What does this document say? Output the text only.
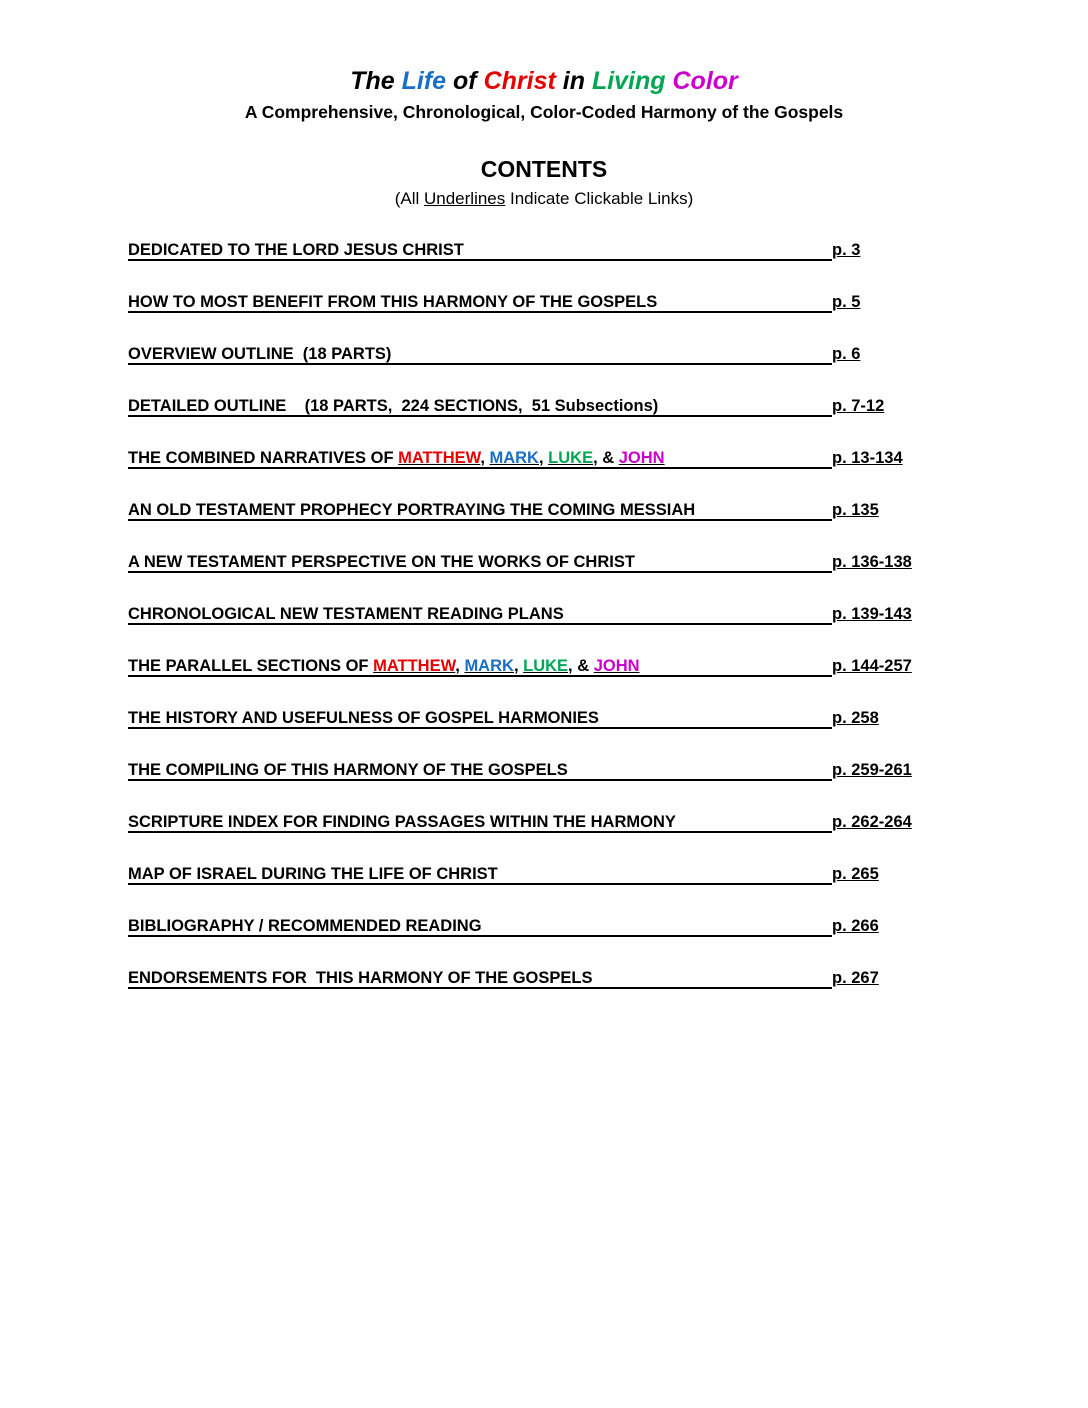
The Life of Christ in Living Color
A Comprehensive, Chronological, Color-Coded Harmony of the Gospels
CONTENTS
(All Underlines Indicate Clickable Links)
DEDICATED TO THE LORD JESUS CHRIST	p. 3
HOW TO MOST BENEFIT FROM THIS HARMONY OF THE GOSPELS	p. 5
OVERVIEW OUTLINE  (18 PARTS)	p. 6
DETAILED OUTLINE    (18 PARTS,  224 SECTIONS,  51 Subsections)	p. 7-12
THE COMBINED NARRATIVES OF MATTHEW, MARK, LUKE, & JOHN	p. 13-134
AN OLD TESTAMENT PROPHECY PORTRAYING THE COMING MESSIAH	p. 135
A NEW TESTAMENT PERSPECTIVE ON THE WORKS OF CHRIST	p. 136-138
CHRONOLOGICAL NEW TESTAMENT READING PLANS	p. 139-143
THE PARALLEL SECTIONS OF MATTHEW, MARK, LUKE, & JOHN	p. 144-257
THE HISTORY AND USEFULNESS OF GOSPEL HARMONIES	p. 258
THE COMPILING OF THIS HARMONY OF THE GOSPELS	p. 259-261
SCRIPTURE INDEX FOR FINDING PASSAGES WITHIN THE HARMONY	p. 262-264
MAP OF ISRAEL DURING THE LIFE OF CHRIST	p. 265
BIBLIOGRAPHY / RECOMMENDED READING	p. 266
ENDORSEMENTS FOR  THIS HARMONY OF THE GOSPELS	p. 267
